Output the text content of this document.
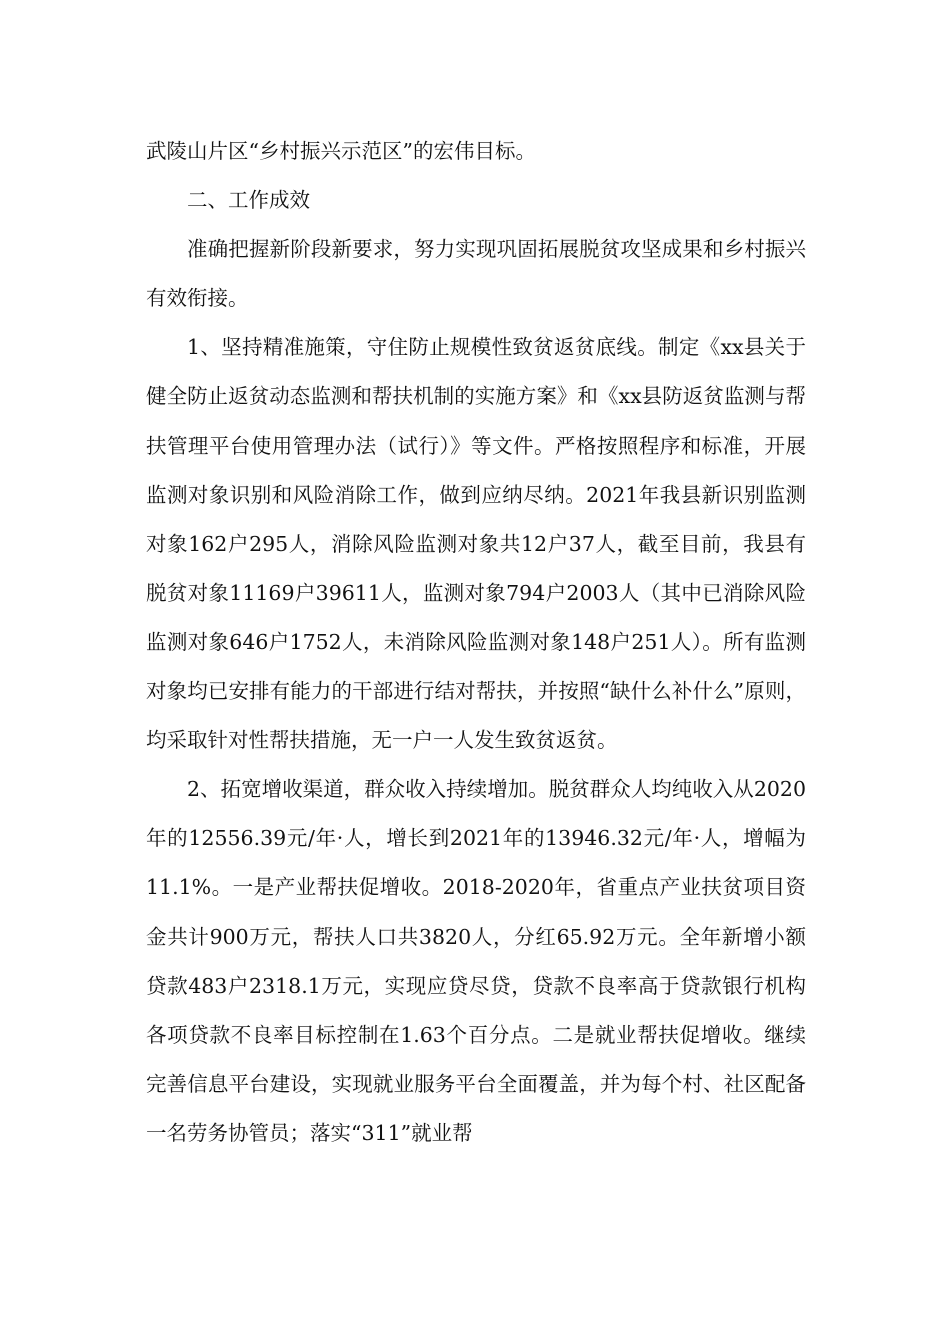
武陵山片区“乡村振兴示范区”的宏伟目标。

二、工作成效

准确把握新阶段新要求，努力实现巩固拓展脱贫攻坚成果和乡村振兴有效衔接。

1、坚持精准施策，守住防止规模性致贫返贫底线。制定《xx县关于健全防止返贫动态监测和帮扶机制的实施方案》和《xx县防返贫监测与帮扶管理平台使用管理办法（试行）》等文件。严格按照程序和标准，开展监测对象识别和风险消除工作，做到应纳尽纳。2021年我县新识别监测对象162户295人，消除风险监测对象共12户37人，截至目前，我县有脱贫对象11169户39611人，监测对象794户2003人（其中已消除风险监测对象646户1752人，未消除风险监测对象148户251人）。所有监测对象均已安排有能力的干部进行结对帮扶，并按照“缺什么补什么”原则，均采取针对性帮扶措施，无一户一人发生致贫返贫。

2、拓宽增收渠道，群众收入持续增加。脱贫群众人均纯收入从2020年的12556.39元/年·人，增长到2021年的13946.32元/年·人，增幅为11.1%。一是产业帮扶促增收。2018-2020年，省重点产业扶贫项目资金共计900万元，帮扶人口共3820人，分红65.92万元。全年新增小额贷款483户2318.1万元，实现应贷尽贷，贷款不良率高于贷款银行机构各项贷款不良率目标控制在1.63个百分点。二是就业帮扶促增收。继续完善信息平台建设，实现就业服务平台全面覆盖，并为每个村、社区配备一名劳务协管员；落实“311”就业帮
